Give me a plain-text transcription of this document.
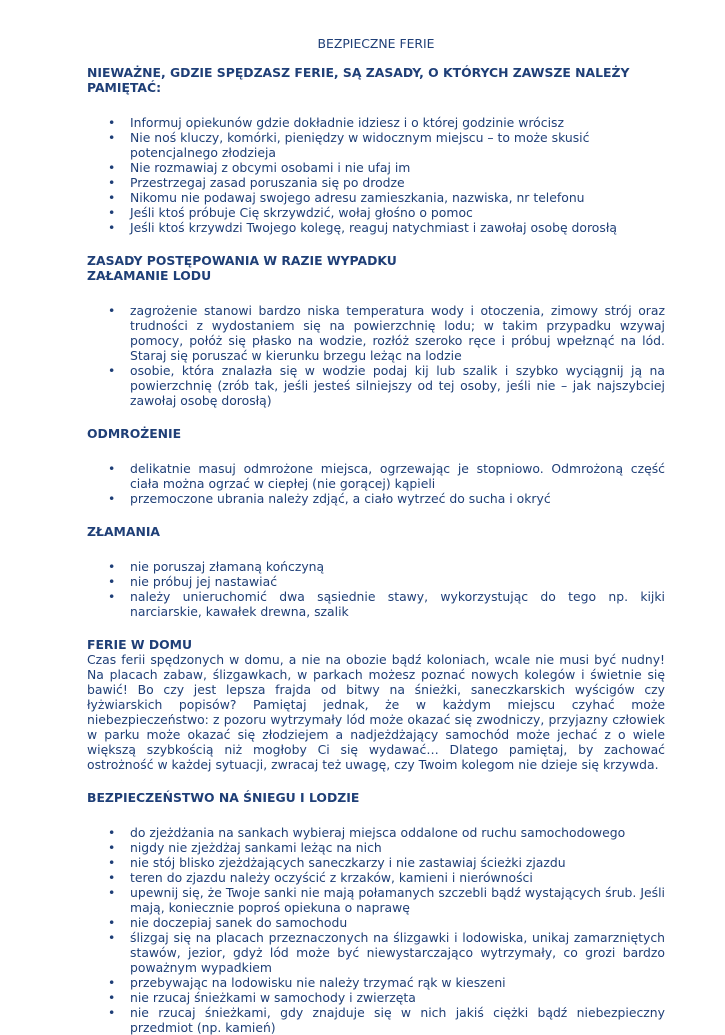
BEZPIECZNE FERIE
NIEWAŻNE, GDZIE SPĘDZASZ FERIE, SĄ ZASADY, O KTÓRYCH ZAWSZE NALEŻY PAMIĘTAĆ:
• Informuj opiekunów gdzie dokładnie idziesz i o której godzinie wrócisz
• Nie noś kluczy, komórki, pieniędzy w widocznym miejscu – to może skusić potencjalnego złodzieja
• Nie rozmawiaj z obcymi osobami i nie ufaj im
• Przestrzegaj zasad poruszania się po drodze
• Nikomu nie podawaj swojego adresu zamieszkania, nazwiska, nr telefonu
• Jeśli ktoś próbuje Cię skrzywdzić, wołaj głośno o pomoc
• Jeśli ktoś krzywdzi Twojego kolegę, reaguj natychmiast i zawołaj osobę dorosłą
ZASADY POSTĘPOWANIA W RAZIE WYPADKU
ZAŁAMANIE LODU
• zagrożenie stanowi bardzo niska temperatura wody i otoczenia, zimowy strój oraz trudności z wydostaniem się na powierzchnię lodu; w takim przypadku wzywaj pomocy, połóż się płasko na wodzie, rozłóż szeroko ręce i próbuj wpełznąć na lód. Staraj się poruszać w kierunku brzegu leżąc na lodzie
• osobie, która znalazła się w wodzie podaj kij lub szalik i szybko wyciągnij ją na powierzchnię (zrób tak, jeśli jesteś silniejszy od tej osoby, jeśli nie – jak najszybciej zawołaj osobę dorosłą)
ODMROŻENIE
• delikatnie masuj odmrożone miejsca, ogrzewając je stopniowo. Odmrożoną część ciała można ogrzać w ciepłej (nie gorącej) kąpieli
• przemoczone ubrania należy zdjąć, a ciało wytrzeć do sucha i okryć
ZŁAMANIA
• nie poruszaj złamaną kończyną
• nie próbuj jej nastawiać
• należy unieruchomić dwa sąsiednie stawy, wykorzystując do tego np. kijki narciarskie, kawałek drewna, szalik
FERIE W DOMU

Czas ferii spędzonych w domu, a nie na obozie bądź koloniach, wcale nie musi być nudny! Na placach zabaw, ślizgawkach, w parkach możesz poznać nowych kolegów i świetnie się bawić! Bo czy jest lepsza frajda od bitwy na śnieżki, saneczkarskich wyścigów czy łyżwiarskich popisów? Pamiętaj jednak, że w każdym miejscu czyhać może niebezpieczeństwo: z pozoru wytrzymały lód może okazać się zwodniczy, przyjazny człowiek w parku może okazać się złodziejem a nadjeżdżający samochód może jechać z o wiele większą szybkością niż mogłoby Ci się wydawać… Dlatego pamiętaj, by zachować ostrożność w każdej sytuacji, zwracaj też uwagę, czy Twoim kolegom nie dzieje się krzywda.

BEZPIECZEŃSTWO NA ŚNIEGU I LODZIE
• do zjeżdżania na sankach wybieraj miejsca oddalone od ruchu samochodowego
• nigdy nie zjeżdżaj sankami leżąc na nich
• nie stój blisko zjeżdżających saneczkarzy i nie zastawiaj ścieżki zjazdu
• teren do zjazdu należy oczyścić z krzaków, kamieni i nierówności
• upewnij się, że Twoje sanki nie mają połamanych szczebli bądź wystających śrub. Jeśli mają, koniecznie poproś opiekuna o naprawę
• nie doczepiaj sanek do samochodu
• ślizgaj się na placach przeznaczonych na ślizgawki i lodowiska, unikaj zamarzniętych stawów, jezior, gdyż lód może być niewystarczająco wytrzymały, co grozi bardzo poważnym wypadkiem
• przebywając na lodowisku nie należy trzymać rąk w kieszeni
• nie rzucaj śnieżkami w samochody i zwierzęta
• nie rzucaj śnieżkami, gdy znajduje się w nich jakiś ciężki bądź niebezpieczny przedmiot (np. kamień)
